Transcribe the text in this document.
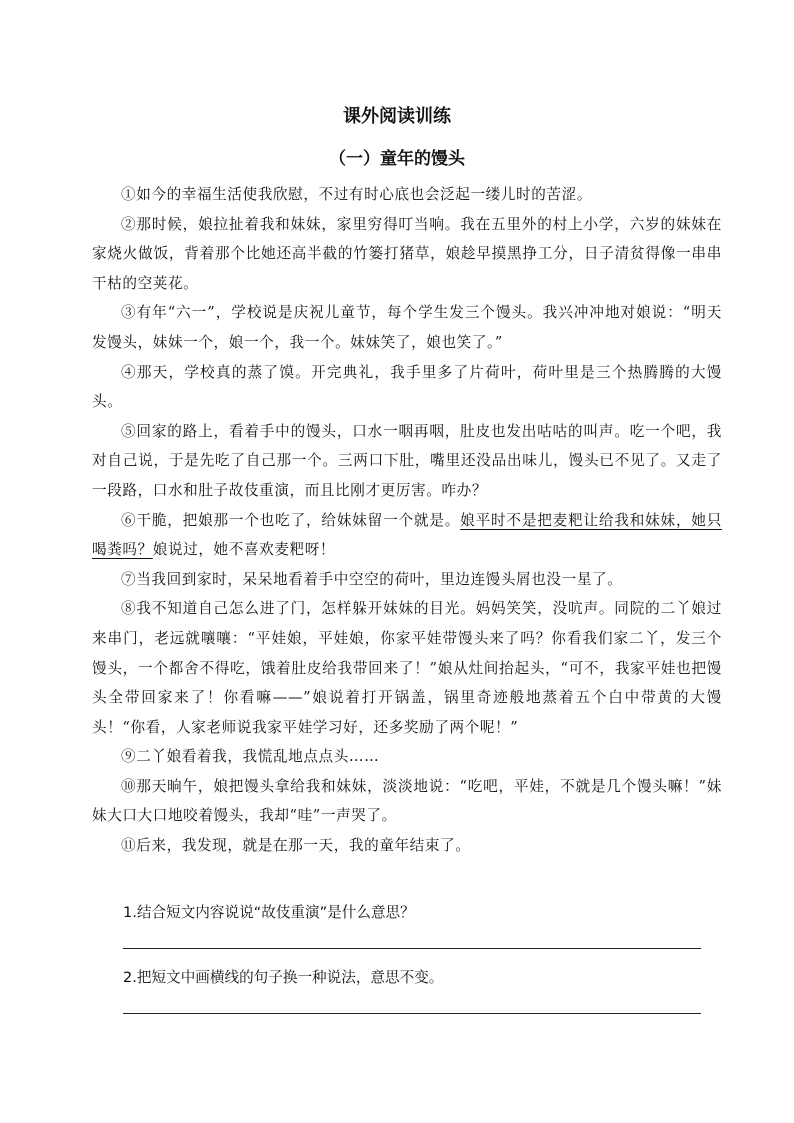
课外阅读训练
（一）童年的馒头

①如今的幸福生活使我欣慰，不过有时心底也会泛起一缕儿时的苦涩。

②那时候，娘拉扯着我和妹妹，家里穷得叮当响。我在五里外的村上小学，六岁的妹妹在家烧火做饭，背着那个比她还高半截的竹篓打猪草，娘趁早摸黑挣工分，日子清贫得像一串串干枯的空荚花。

③有年“六一”，学校说是庆祝儿童节，每个学生发三个馒头。我兴冲冲地对娘说：“明天发馒头，妹妹一个，娘一个，我一个。妹妹笑了，娘也笑了。”

④那天，学校真的蒸了馍。开完典礼，我手里多了片荷叶，荷叶里是三个热腾腾的大馒头。

⑤回家的路上，看着手中的馒头，口水一咽再咽，肚皮也发出咕咕的叫声。吃一个吧，我对自己说，于是先吃了自己那一个。三两口下肚，嘴里还没品出味儿，馒头已不见了。又走了一段路，口水和肚子故伎重演，而且比刚才更厉害。咋办？

⑥干脆，把娘那一个也吃了，给妹妹留一个就是。娘平时不是把麦粑让给我和妹妹，她只喝粪吗？娘说过，她不喜欢麦粑呀！

⑦当我回到家时，呆呆地看着手中空空的荷叶，里边连馒头屑也没一星了。

⑧我不知道自己怎么进了门，怎样躲开妹妹的目光。妈妈笑笑，没吭声。同院的二丫娘过来串门，老远就嚷嚷：“平娃娘，平娃娘，你家平娃带馒头来了吗？你看我们家二丫，发三个馒头，一个都舍不得吃，饿着肚皮给我带回来了！”娘从灶间抬起头，“可不，我家平娃也把馒头全带回家来了！你看嘛——”娘说着打开锅盖，锅里奇迹般地蒸着五个白中带黄的大馒头！“你看，人家老师说我家平娃学习好，还多奖励了两个呢！”

⑨二丫娘看着我，我慌乱地点点头……

⑩那天晌午，娘把馒头拿给我和妹妹，淡淡地说：“吃吧，平娃，不就是几个馒头嘛！”妹妹大口大口地咬着馒头，我却“哇”一声哭了。

⑪后来，我发现，就是在那一天，我的童年结束了。

1.结合短文内容说说“故伎重演”是什么意思？

2.把短文中画横线的句子换一种说法，意思不变。
